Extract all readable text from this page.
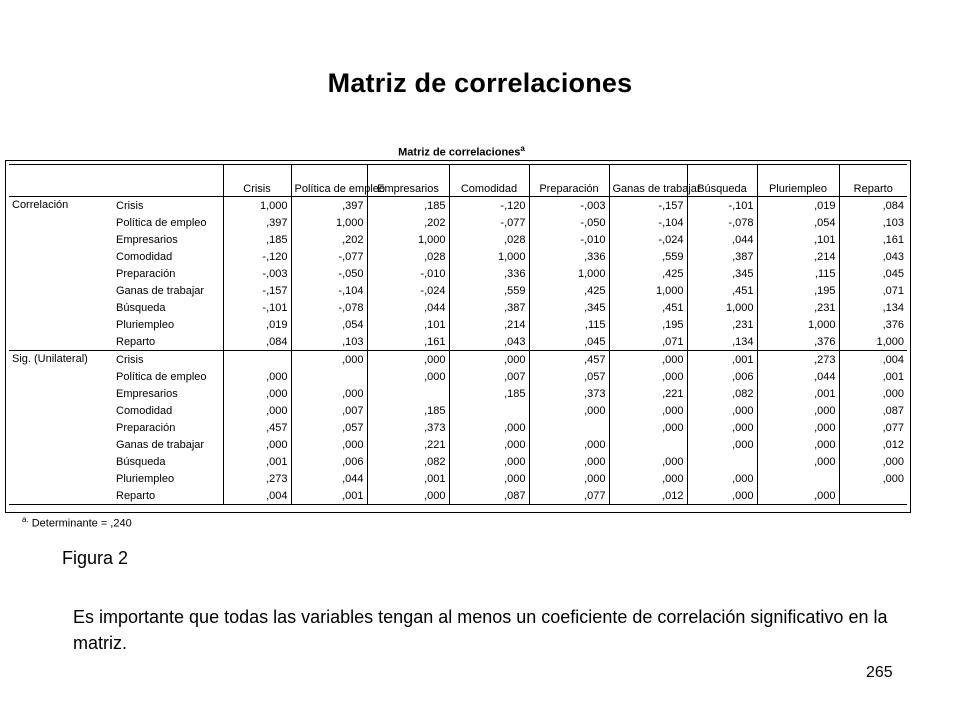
Matriz de correlaciones
Matriz de correlaciones$^a$
		Crisis	Política de empleo	Empresarios	Comodidad	Preparación	Ganas de trabajar	Búsqueda	Pluriempleo	Reparto
Correlación	Crisis	1,000	,397	,185	-,120	-,003	-,157	-,101	,019	,084
	Política de empleo	,397	1,000	,202	-,077	-,050	-,104	-,078	,054	,103
	Empresarios	,185	,202	1,000	,028	-,010	-,024	,044	,101	,161
	Comodidad	-,120	-,077	,028	1,000	,336	,559	,387	,214	,043
	Preparación	-,003	-,050	-,010	,336	1,000	,425	,345	,115	,045
	Ganas de trabajar	-,157	-,104	-,024	,559	,425	1,000	,451	,195	,071
	Búsqueda	-,101	-,078	,044	,387	,345	,451	1,000	,231	,134
	Pluriempleo	,019	,054	,101	,214	,115	,195	,231	1,000	,376
	Reparto	,084	,103	,161	,043	,045	,071	,134	,376	1,000
Sig. (Unilateral)	Crisis		,000	,000	,000	,457	,000	,001	,273	,004
	Política de empleo	,000		,000	,007	,057	,000	,006	,044	,001
	Empresarios	,000	,000		,185	,373	,221	,082	,001	,000
	Comodidad	,000	,007	,185		,000	,000	,000	,000	,087
	Preparación	,457	,057	,373	,000		,000	,000	,000	,077
	Ganas de trabajar	,000	,000	,221	,000	,000		,000	,000	,012
	Búsqueda	,001	,006	,082	,000	,000	,000		,000	,000
	Pluriempleo	,273	,044	,001	,000	,000	,000	,000		,000
	Reparto	,004	,001	,000	,087	,077	,012	,000	,000	
$^{a.}$ Determinante = ,240
Figura 2
Es importante que todas las variables tengan al menos un coeficiente de correlación significativo en la matriz.
265
